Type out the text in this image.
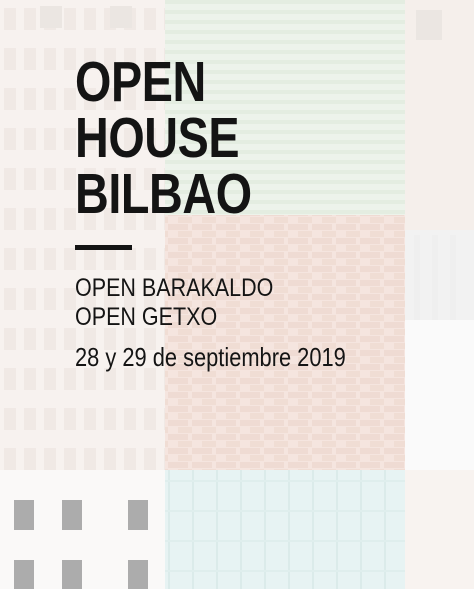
OPEN
HOUSE
BILBAO
OPEN BARAKALDO
OPEN GETXO
28 y 29 de septiembre 2019
